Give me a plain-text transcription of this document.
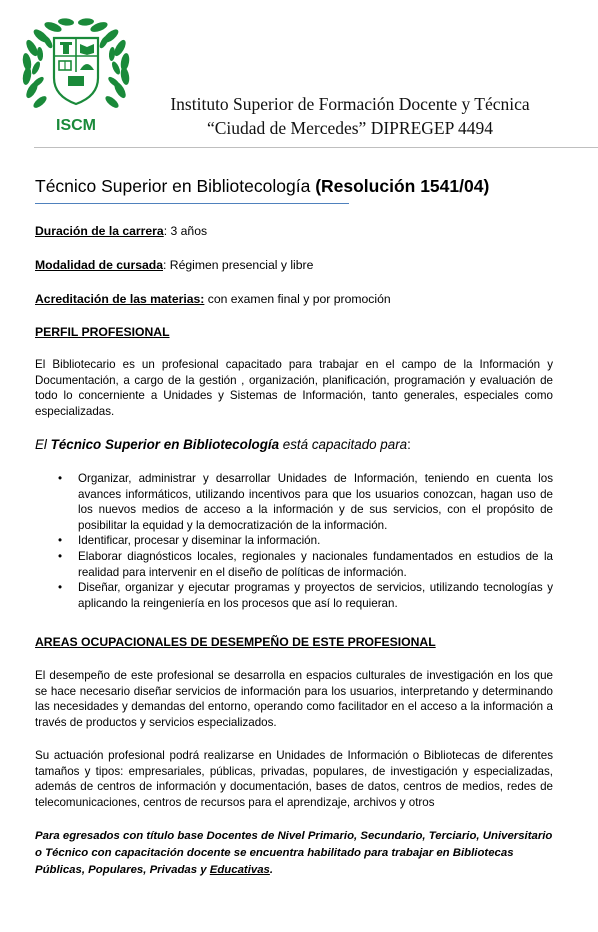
ISCM
Instituto Superior de Formación Docente y Técnica
“Ciudad de Mercedes” DIPREGEP 4494
Técnico Superior en Bibliotecología (Resolución 1541/04)
Duración de la carrera: 3 años
Modalidad de cursada: Régimen presencial y libre
Acreditación de las materias: con examen final y por promoción
PERFIL PROFESIONAL
El Bibliotecario es un profesional capacitado para trabajar en el campo de la Información y Documentación, a cargo de la gestión , organización, planificación, programación y evaluación de todo lo concerniente a Unidades y Sistemas de Información, tanto generales, especiales como especializadas.
El Técnico Superior en Bibliotecología está capacitado para:
• Organizar, administrar y desarrollar Unidades de Información, teniendo en cuenta los avances informáticos, utilizando incentivos para que los usuarios conozcan, hagan uso de los nuevos medios de acceso a la información y de sus servicios, con el propósito de posibilitar la equidad y la democratización de la información.
• Identificar, procesar y diseminar la información.
• Elaborar diagnósticos locales, regionales y nacionales fundamentados en estudios de la realidad para intervenir en el diseño de políticas de información.
• Diseñar, organizar y ejecutar programas y proyectos de servicios, utilizando tecnologías y aplicando la reingeniería en los procesos que así lo requieran.
AREAS OCUPACIONALES DE DESEMPEÑO DE ESTE PROFESIONAL
El desempeño de este profesional se desarrolla en espacios culturales de investigación en los que se hace necesario diseñar servicios de información para los usuarios, interpretando y determinando las necesidades y demandas del entorno, operando como facilitador en el acceso a la información a través de productos y servicios especializados.
Su actuación profesional podrá realizarse en Unidades de Información o Bibliotecas de diferentes tamaños y tipos: empresariales, públicas, privadas, populares, de investigación y especializadas, además de centros de información y documentación, bases de datos, centros de medios, redes de telecomunicaciones, centros de recursos para el aprendizaje, archivos y otros
Para egresados con título base Docentes de Nivel Primario, Secundario, Terciario, Universitario o Técnico con capacitación docente se encuentra habilitado para trabajar en Bibliotecas Públicas, Populares, Privadas y Educativas.
